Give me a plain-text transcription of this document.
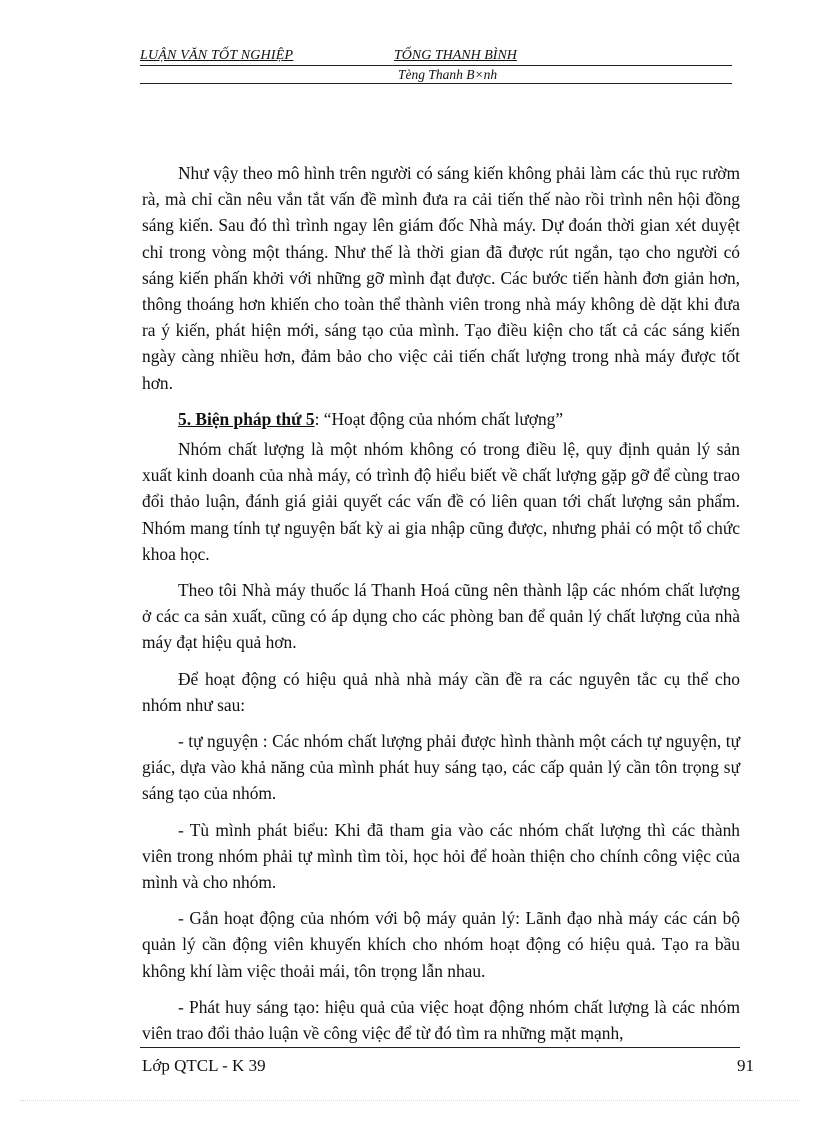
LUẬN VĂN TỐT NGHIỆP	TỐNG THANH BÌNH
Tèng Thanh B×nh

Như vậy theo mô hình trên người có sáng kiến không phải làm các thủ rục rườm rà, mà chỉ cần nêu vắn tắt vấn đề mình đưa ra cải tiến thế nào rồi trình nên hội đồng sáng kiến. Sau đó thì trình ngay lên giám đốc Nhà máy. Dự đoán thời gian xét duyệt chỉ trong vòng một tháng. Như thế là thời gian đã được rút ngắn, tạo cho người có sáng kiến phấn khởi với những gỡ mình đạt được. Các bước tiến hành đơn giản hơn, thông thoáng hơn khiến cho toàn thể thành viên trong nhà máy không dè dặt khi đưa ra ý kiến, phát hiện mới, sáng tạo của mình. Tạo điều kiện cho tất cả các sáng kiến ngày càng nhiều hơn, đảm bảo cho việc cải tiến chất lượng trong nhà máy được tốt hơn.

5. Biện pháp thứ 5: “Hoạt động của nhóm chất lượng”

Nhóm chất lượng là một nhóm không có trong điều lệ, quy định quản lý sản xuất kinh doanh của nhà máy, có trình độ hiểu biết về chất lượng gặp gỡ để cùng trao đổi thảo luận, đánh giá giải quyết các vấn đề có liên quan tới chất lượng sản phẩm. Nhóm mang tính tự nguyện bất kỳ ai gia nhập cũng được, nhưng phải có một tổ chức khoa học.

Theo tôi Nhà máy thuốc lá Thanh Hoá cũng nên thành lập các nhóm chất lượng ở các ca sản xuất, cũng có áp dụng cho các phòng ban để quản lý chất lượng của nhà máy đạt hiệu quả hơn.

Để hoạt động có hiệu quả nhà nhà máy cần đề ra các nguyên tắc cụ thể cho nhóm như sau:

- tự nguyện : Các nhóm chất lượng phải được hình thành một cách tự nguyện, tự giác, dựa vào khả năng của mình phát huy sáng tạo, các cấp quản lý cần tôn trọng sự sáng tạo của nhóm.

- Tù mình phát biểu: Khi đã tham gia vào các nhóm chất lượng thì các thành viên trong nhóm phải tự mình tìm tòi, học hỏi để hoàn thiện cho chính công việc của mình và cho nhóm.

- Gắn hoạt động của nhóm với bộ máy quản lý: Lãnh đạo nhà máy các cán bộ quản lý cần động viên khuyến khích cho nhóm hoạt động có hiệu quả. Tạo ra bầu không khí làm việc thoải mái, tôn trọng lẫn nhau.

- Phát huy sáng tạo: hiệu quả của việc hoạt động nhóm chất lượng là các nhóm viên trao đổi thảo luận về công việc để từ đó tìm ra những mặt mạnh,

Lớp QTCL - K 39	91
